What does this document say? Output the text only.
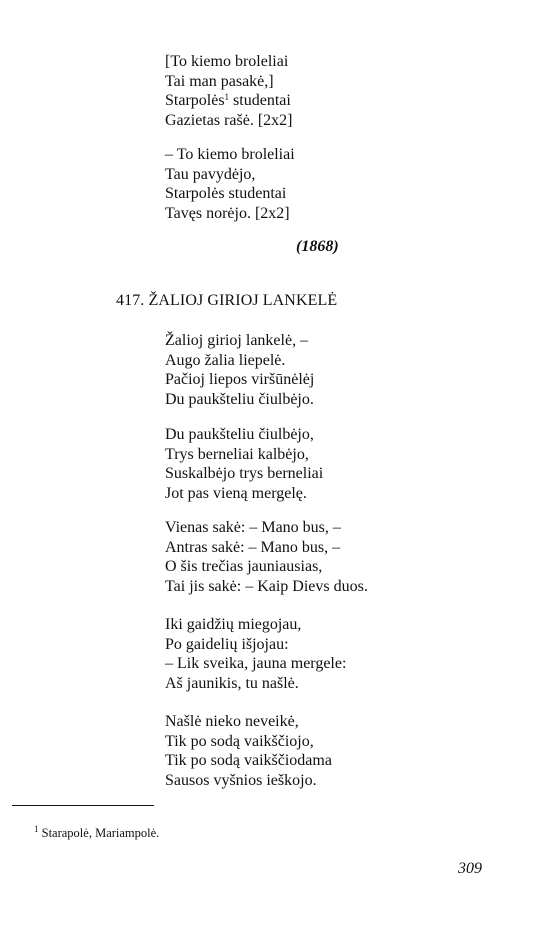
[To kiemo broleliai
Tai man pasakė,]
Starpolės$^1$ studentai
Gazietas rašė. [2x2]
– To kiemo broleliai
Tau pavydėjo,
Starpolės studentai
Tavęs norėjo. [2x2]
(1868)
417. ŽALIOJ GIRIOJ LANKELĖ
Žalioj girioj lankelė, –
Augo žalia liepelė.
Pačioj liepos viršūnėlėj
Du paukšteliu čiulbėjo.
Du paukšteliu čiulbėjo,
Trys berneliai kalbėjo,
Suskalbėjo trys berneliai
Jot pas vieną mergelę.
Vienas sakė: – Mano bus, –
Antras sakė: – Mano bus, –
O šis trečias jauniausias,
Tai jis sakė: – Kaip Dievs duos.
Iki gaidžių miegojau,
Po gaidelių išjojau:
– Lik sveika, jauna mergele:
Aš jaunikis, tu našlė.
Našlė nieko neveikė,
Tik po sodą vaikščiojo,
Tik po sodą vaikščiodama
Sausos vyšnios ieškojo.
$^1$ Starapolė, Mariampolė.
309
